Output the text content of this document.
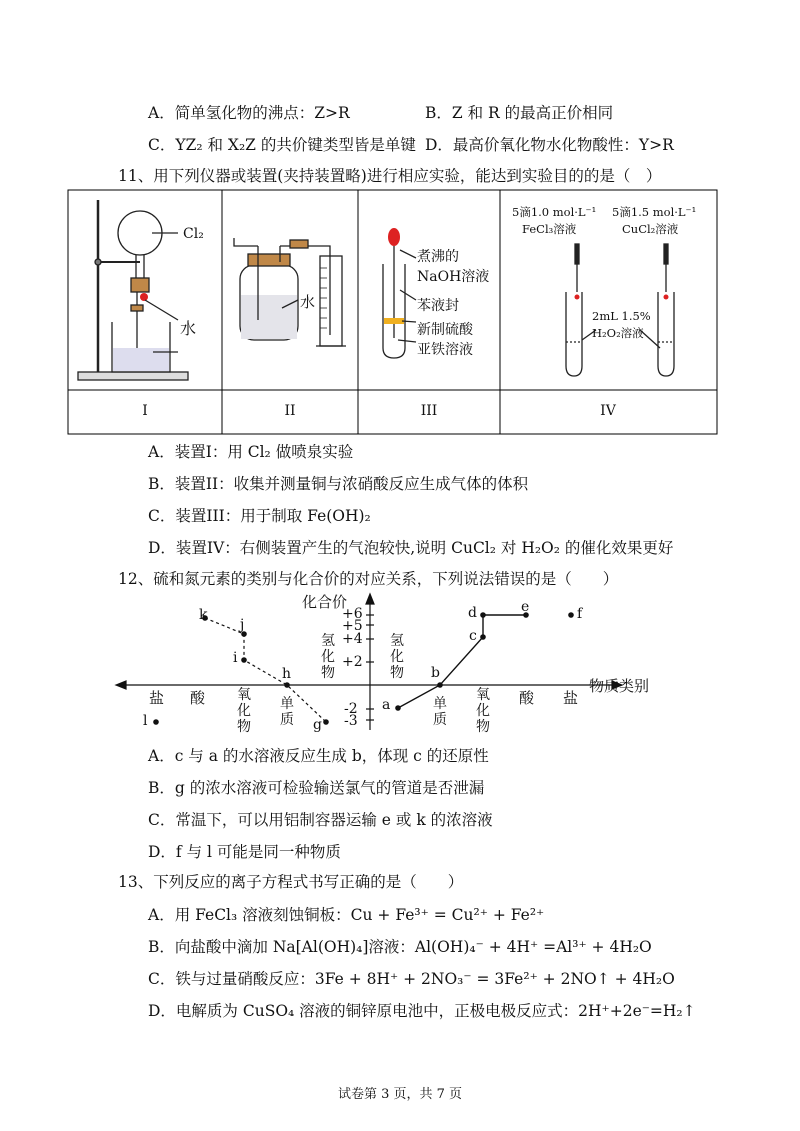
A．简单氢化物的沸点：Z>R	B．Z 和 R 的最高正价相同
C．YZ₂ 和 X₂Z 的共价键类型皆是单键 D．最高价氧化物水化物酸性：Y>R
11、用下列仪器或装置(夹持装置略)进行相应实验，能达到实验目的的是（　）
Cl₂
水
水
煮沸的
NaOH溶液
苯液封
新制硫酸
亚铁溶液
5滴1.0 mol·L⁻¹
FeCl₃溶液
5滴1.5 mol·L⁻¹
CuCl₂溶液
2mL 1.5%
H₂O₂溶液
I	II	III	IV
A．装置I：用 Cl₂ 做喷泉实验
B．装置II：收集并测量铜与浓硝酸反应生成气体的体积
C．装置III：用于制取 Fe(OH)₂
D．装置IV：右侧装置产生的气泡较快,说明 CuCl₂ 对 H₂O₂ 的催化效果更好
12、硫和氮元素的类别与化合价的对应关系，下列说法错误的是（　　）
化合价
物质类别
+6
+5
+4
+2
-2
-3
盐 酸 氧化物
单质
氢化物
氢化物
单质
氧化物
酸 盐
a
b
c
d	e	f
g
h
i
j
k
l
A．c 与 a 的水溶液反应生成 b，体现 c 的还原性
B．g 的浓水溶液可检验输送氯气的管道是否泄漏
C．常温下，可以用铝制容器运输 e 或 k 的浓溶液
D．f 与 l 可能是同一种物质
13、下列反应的离子方程式书写正确的是（　　）
A．用 FeCl₃ 溶液刻蚀铜板：Cu + Fe³⁺ = Cu²⁺ + Fe²⁺
B．向盐酸中滴加 Na[Al(OH)₄]溶液：Al(OH)₄⁻ + 4H⁺ =Al³⁺ + 4H₂O
C．铁与过量硝酸反应：3Fe + 8H⁺ + 2NO₃⁻ = 3Fe²⁺ + 2NO↑ + 4H₂O
D．电解质为 CuSO₄ 溶液的铜锌原电池中，正极电极反应式：2H⁺+2e⁻=H₂↑
试卷第 3 页，共 7 页
